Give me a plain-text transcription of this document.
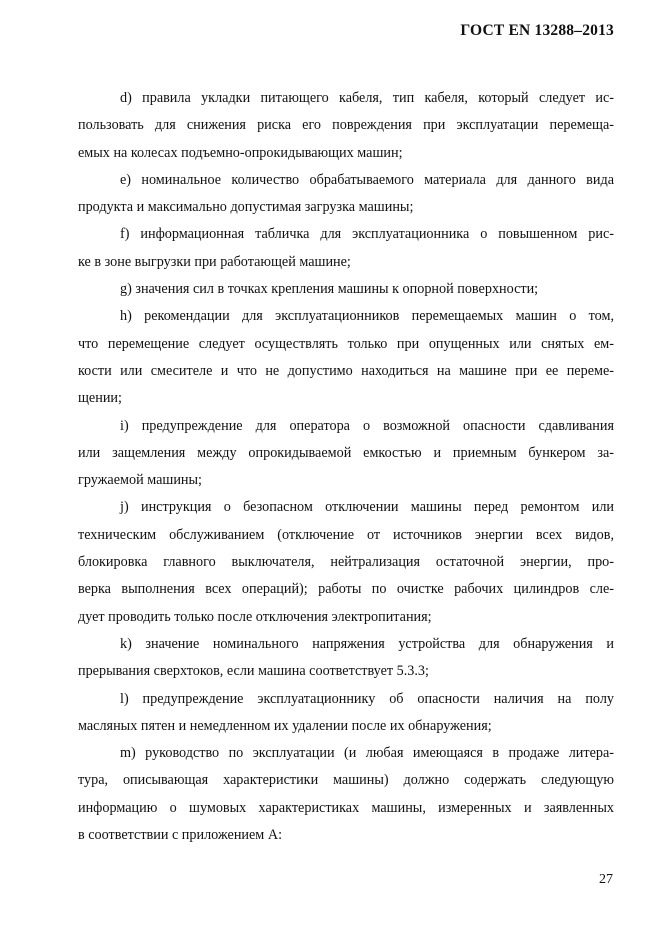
ГОСТ EN 13288–2013
d) правила укладки питающего кабеля, тип кабеля, который следует ис-
пользовать для снижения риска его повреждения при эксплуатации перемеща-
емых на колесах подъемно-опрокидывающих машин;
e) номинальное количество обрабатываемого материала для данного вида
продукта и максимально допустимая загрузка машины;
f) информационная табличка для эксплуатационника о повышенном рис-
ке в зоне выгрузки при работающей машине;
g) значения сил в точках крепления машины к опорной поверхности;
h) рекомендации для эксплуатационников перемещаемых машин о том,
что перемещение следует осуществлять только при опущенных или снятых ем-
кости или смесителе и что не допустимо находиться на машине при ее переме-
щении;
i) предупреждение для оператора о возможной опасности сдавливания
или защемления между опрокидываемой емкостью и приемным бункером за-
гружаемой машины;
j) инструкция о безопасном отключении машины перед ремонтом или
техническим обслуживанием (отключение от источников энергии всех видов,
блокировка главного выключателя, нейтрализация остаточной энергии, про-
верка выполнения всех операций); работы по очистке рабочих цилиндров сле-
дует проводить только после отключения электропитания;
k) значение номинального напряжения устройства для обнаружения и
прерывания сверхтоков, если машина соответствует 5.3.3;
l) предупреждение эксплуатационнику об опасности наличия на полу
масляных пятен и немедленном их удалении после их обнаружения;
m) руководство по эксплуатации (и любая имеющаяся в продаже литера-
тура, описывающая характеристики машины) должно содержать следующую
информацию о шумовых характеристиках машины, измеренных и заявленных
в соответствии с приложением А:
27
